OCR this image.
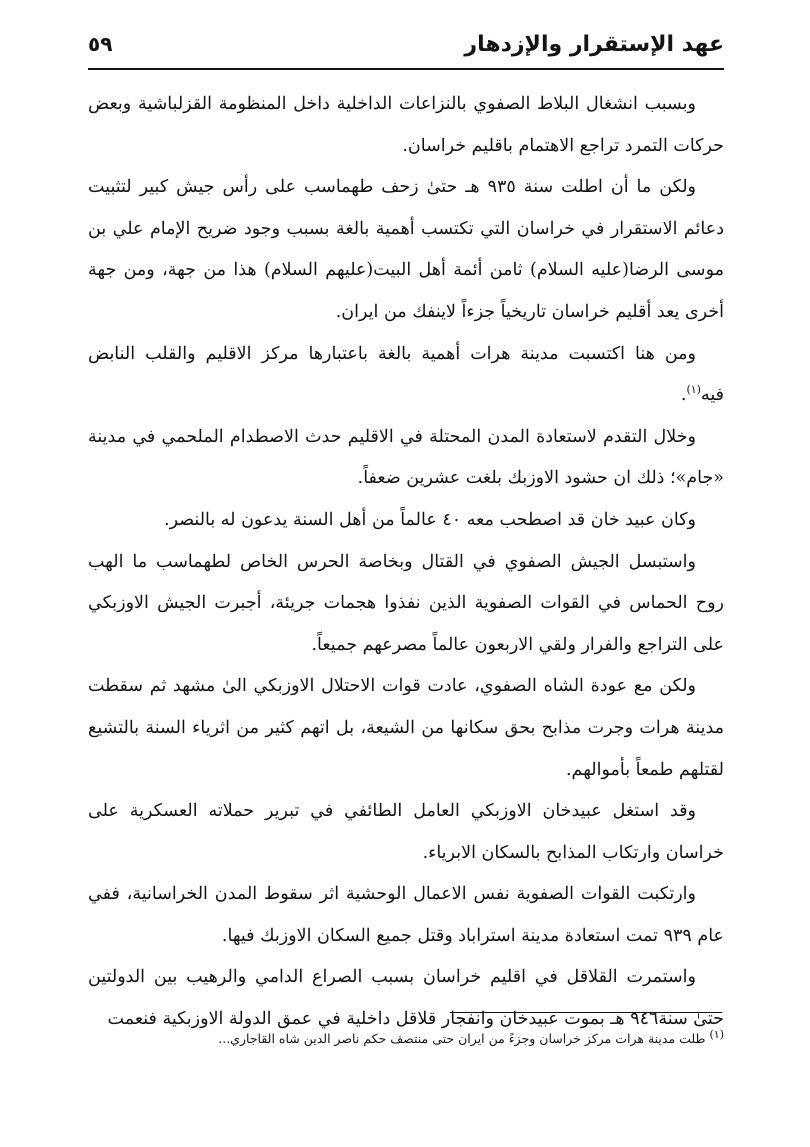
عهد الإستقرار والإزدهار
٥٩

وبسبب انشغال البلاط الصفوي بالنزاعات الداخلية داخل المنظومة القزلباشية وبعض حركات التمرد تراجع الاهتمام باقليم خراسان.

ولكن ما أن اطلت سنة ٩٣٥ هـ حتىٰ زحف طهماسب على رأس جيش كبير لتثبيت دعائم الاستقرار في خراسان التي تكتسب أهمية بالغة بسبب وجود ضريح الإمام علي بن موسى الرضا(عليه السلام) ثامن أئمة أهل البيت(عليهم السلام) هذا من جهة، ومن جهة أخرى يعد أقليم خراسان تاريخياً جزءاً لاينفك من ايران.

ومن هنا اكتسبت مدينة هرات أهمية بالغة باعتبارها مركز الاقليم والقلب النابض فيه$^{(١)}$.

وخلال التقدم لاستعادة المدن المحتلة في الاقليم حدث الاصطدام الملحمي في مدينة «جام»؛ ذلك ان حشود الاوزبك بلغت عشرين ضعفاً.

وكان عبيد خان قد اصطحب معه ٤٠ عالماً من أهل السنة يدعون له بالنصر.

واستبسل الجيش الصفوي في القتال وبخاصة الحرس الخاص لطهماسب ما الهب روح الحماس في القوات الصفوية الذين نفذوا هجمات جريئة، أجبرت الجيش الاوزبكي على التراجع والفرار ولقي الاربعون عالماً مصرعهم جميعاً.

ولكن مع عودة الشاه الصفوي، عادت قوات الاحتلال الاوزبكي الىٰ مشهد ثم سقطت مدينة هرات وجرت مذابح بحق سكانها من الشيعة، بل اتهم كثير من اثرياء السنة بالتشيع لقتلهم طمعاً بأموالهم.

وقد استغل عبيدخان الاوزبكي العامل الطائفي في تبرير حملاته العسكرية على خراسان وارتكاب المذابح بالسكان الابرياء.

وارتكبت القوات الصفوية نفس الاعمال الوحشية اثر سقوط المدن الخراسانية، ففي عام ٩٣٩ تمت استعادة مدينة استراباد وقتل جميع السكان الاوزبك فيها.

واستمرت القلاقل في اقليم خراسان بسبب الصراع الدامي والرهيب بين الدولتين حتىٰ سنة٩٤٦ هـ بموت عبيدخان وانفجار قلاقل داخلية في عمق الدولة الاوزبكية فنعمت

(١) طلت مدينة هرات مركز خراسان وجزءً من ايران حتى منتصف حكم ناصر الدين شاه القاجاري...
